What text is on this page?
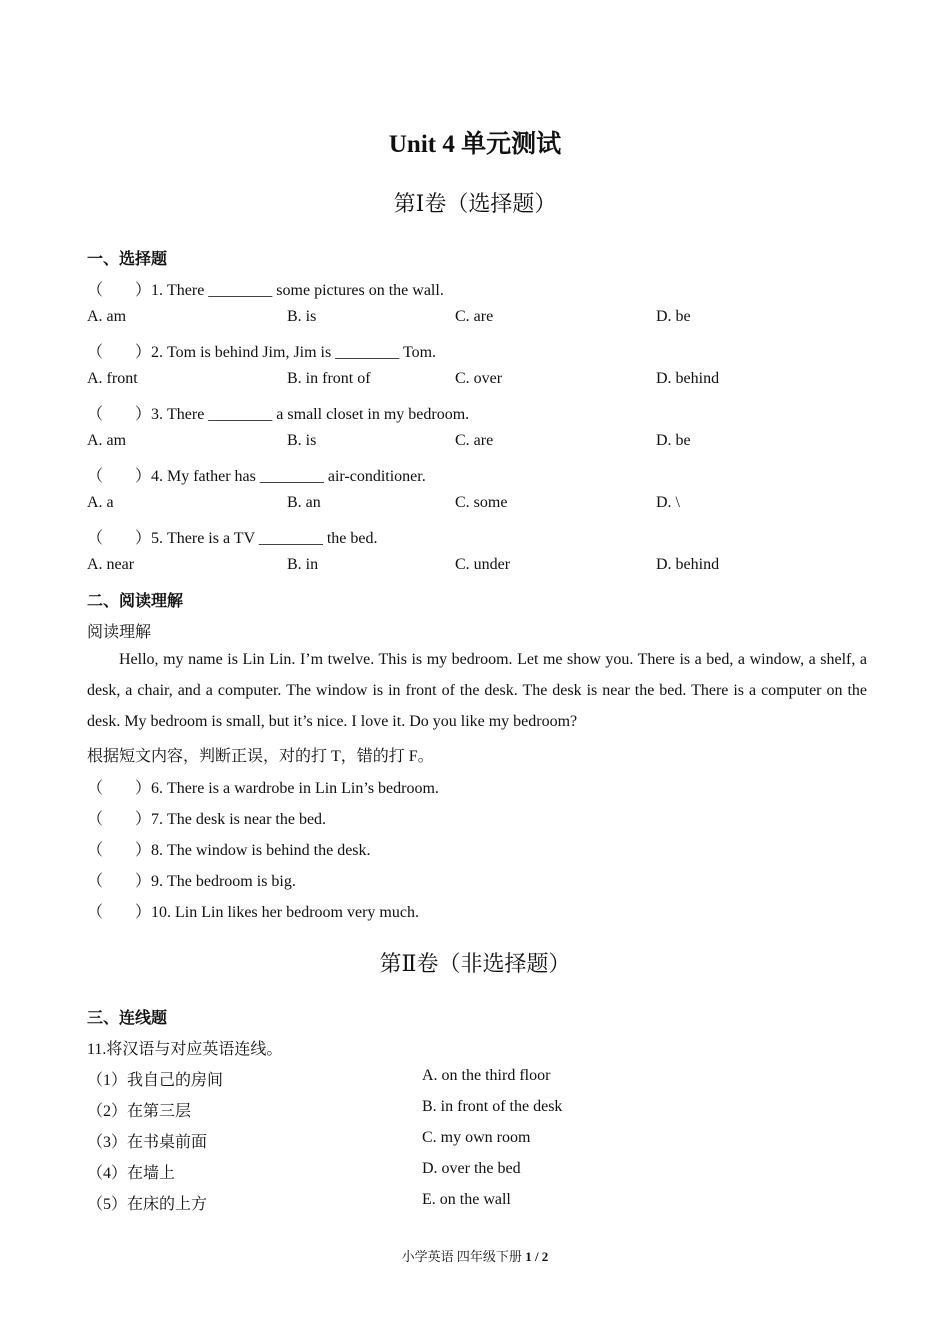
Unit 4 单元测试
第Ⅰ卷（选择题）
一、选择题
（　　）1. There ________ some pictures on the wall.
A. am	B. is	C. are	D. be
（　　）2. Tom is behind Jim, Jim is ________ Tom.
A. front	B. in front of	C. over	D. behind
（　　）3. There ________ a small closet in my bedroom.
A. am	B. is	C. are	D. be
（　　）4. My father has ________ air-conditioner.
A. a	B. an	C. some	D. \
（　　）5. There is a TV ________ the bed.
A. near	B. in	C. under	D. behind
二、阅读理解
阅读理解

Hello, my name is Lin Lin. I’m twelve. This is my bedroom. Let me show you. There is a bed, a window, a shelf, a desk, a chair, and a computer. The window is in front of the desk. The desk is near the bed. There is a computer on the desk. My bedroom is small, but it’s nice. I love it. Do you like my bedroom?

根据短文内容，判断正误，对的打 T，错的打 F。
（　　）6. There is a wardrobe in Lin Lin’s bedroom.
（　　）7. The desk is near the bed.
（　　）8. The window is behind the desk.
（　　）9. The bedroom is big.
（　　）10. Lin Lin likes her bedroom very much.
第Ⅱ卷（非选择题）
三、连线题
11.将汉语与对应英语连线。
（1）我自己的房间	A. on the third floor
（2）在第三层	B. in front of the desk
（3）在书桌前面	C. my own room
（4）在墙上	D. over the bed
（5）在床的上方	E. on the wall
小学英语 四年级下册 1 / 2
